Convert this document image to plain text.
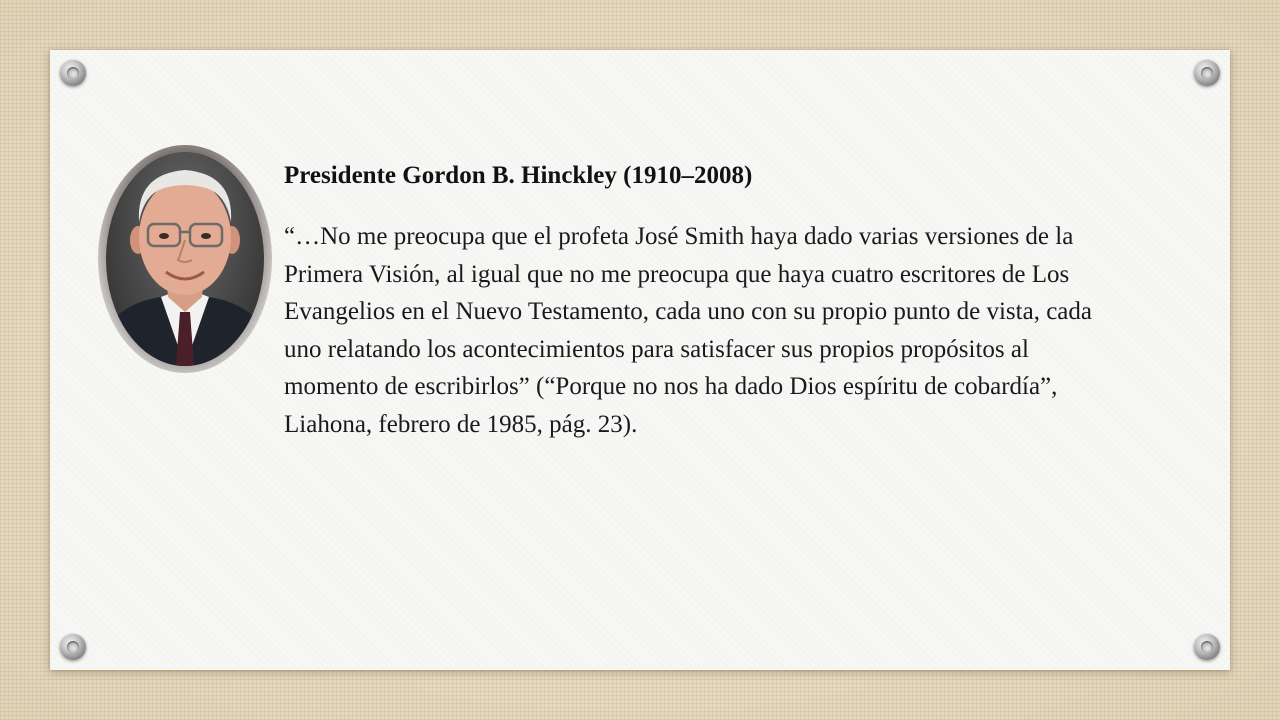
Presidente Gordon B. Hinckley (1910–2008)

“…No me preocupa que el profeta José Smith haya dado varias versiones de la Primera Visión, al igual que no me preocupa que haya cuatro escritores de Los Evangelios en el Nuevo Testamento, cada uno con su propio punto de vista, cada uno relatando los acontecimientos para satisfacer sus propios propósitos al momento de escribirlos” (“Porque no nos ha dado Dios espíritu de cobardía”, Liahona, febrero de 1985, pág. 23).
